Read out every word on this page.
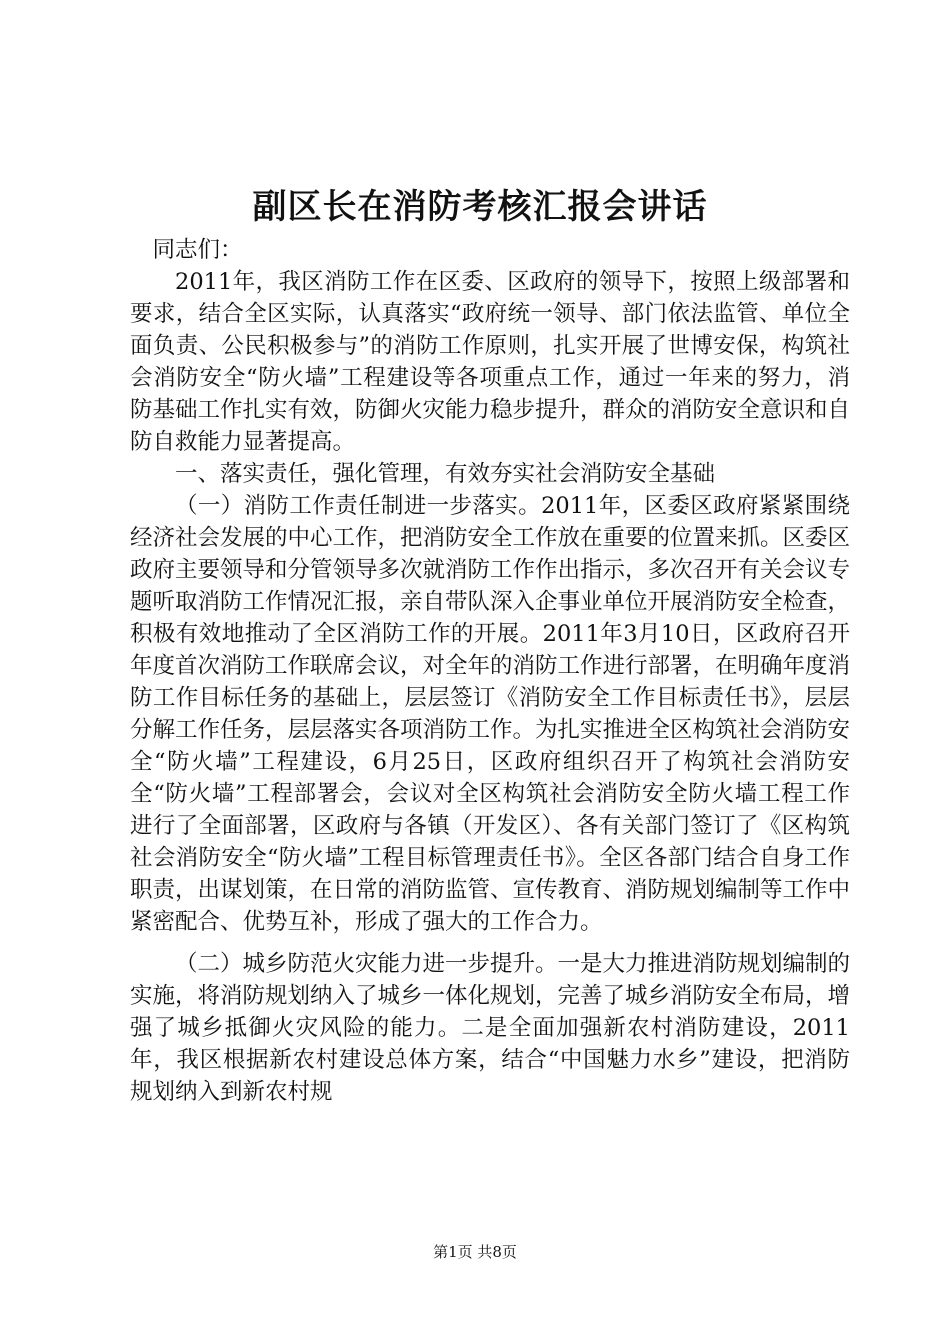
副区长在消防考核汇报会讲话

同志们：

2011年，我区消防工作在区委、区政府的领导下，按照上级部署和要求，结合全区实际，认真落实“政府统一领导、部门依法监管、单位全面负责、公民积极参与”的消防工作原则，扎实开展了世博安保，构筑社会消防安全“防火墙”工程建设等各项重点工作，通过一年来的努力，消防基础工作扎实有效，防御火灾能力稳步提升，群众的消防安全意识和自防自救能力显著提高。

一、落实责任，强化管理，有效夯实社会消防安全基础

（一）消防工作责任制进一步落实。2011年，区委区政府紧紧围绕经济社会发展的中心工作，把消防安全工作放在重要的位置来抓。区委区政府主要领导和分管领导多次就消防工作作出指示，多次召开有关会议专题听取消防工作情况汇报，亲自带队深入企事业单位开展消防安全检查，积极有效地推动了全区消防工作的开展。2011年3月10日，区政府召开年度首次消防工作联席会议，对全年的消防工作进行部署，在明确年度消防工作目标任务的基础上，层层签订《消防安全工作目标责任书》，层层分解工作任务，层层落实各项消防工作。为扎实推进全区构筑社会消防安全“防火墙”工程建设，6月25日，区政府组织召开了构筑社会消防安全“防火墙”工程部署会，会议对全区构筑社会消防安全防火墙工程工作进行了全面部署，区政府与各镇（开发区）、各有关部门签订了《区构筑社会消防安全“防火墙”工程目标管理责任书》。全区各部门结合自身工作职责，出谋划策，在日常的消防监管、宣传教育、消防规划编制等工作中紧密配合、优势互补，形成了强大的工作合力。

（二）城乡防范火灾能力进一步提升。一是大力推进消防规划编制的实施，将消防规划纳入了城乡一体化规划，完善了城乡消防安全布局，增强了城乡抵御火灾风险的能力。二是全面加强新农村消防建设，2011年，我区根据新农村建设总体方案，结合“中国魅力水乡”建设，把消防规划纳入到新农村规

第1页 共8页
